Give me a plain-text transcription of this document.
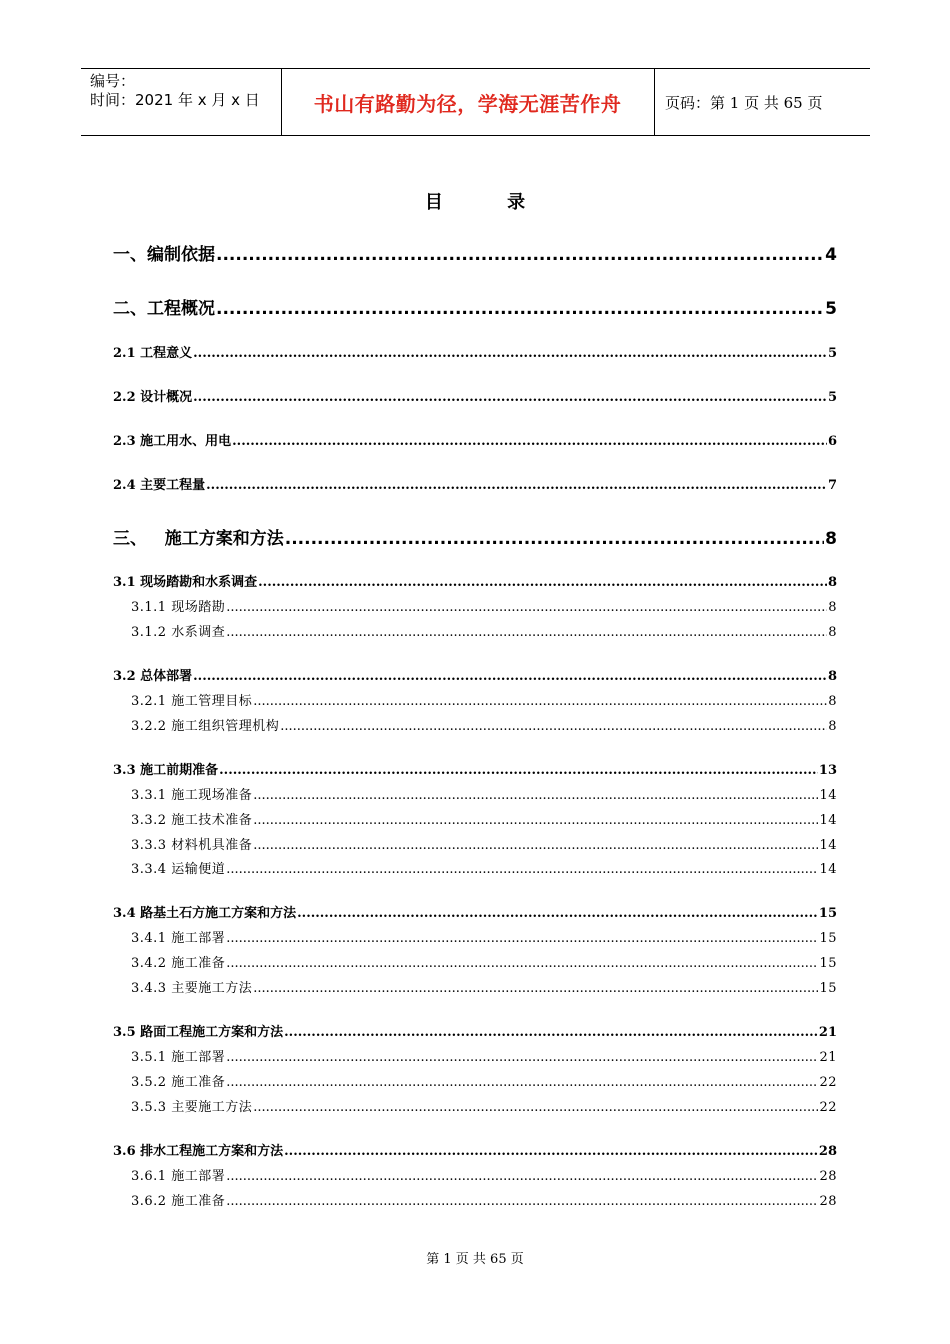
编号：
时间：2021 年 x 月 x 日	书山有路勤为径，学海无涯苦作舟	页码：第 1 页 共 65 页
目	录
一、编制依据 .....	4
二、工程概况 .....	5
2.1 工程意义 .....	5
2.2 设计概况 .....	5
2.3 施工用水、用电 .....	6
2.4 主要工程量 .....	7
三、   施工方案和方法 .....	8
3.1 现场踏勘和水系调查 .....	8
3.1.1 现场踏勘 .....	8
3.1.2 水系调查 .....	8
3.2 总体部署 .....	8
3.2.1 施工管理目标 .....	8
3.2.2 施工组织管理机构 .....	8
3.3 施工前期准备 .....	13
3.3.1 施工现场准备 .....	14
3.3.2 施工技术准备 .....	14
3.3.3 材料机具准备 .....	14
3.3.4 运输便道 .....	14
3.4 路基土石方施工方案和方法 .....	15
3.4.1 施工部署 .....	15
3.4.2 施工准备 .....	15
3.4.3 主要施工方法 .....	15
3.5 路面工程施工方案和方法 .....	21
3.5.1 施工部署 .....	21
3.5.2 施工准备 .....	22
3.5.3 主要施工方法 .....	22
3.6 排水工程施工方案和方法 .....	28
3.6.1 施工部署 .....	28
3.6.2 施工准备 .....	28
第 1 页 共 65 页
